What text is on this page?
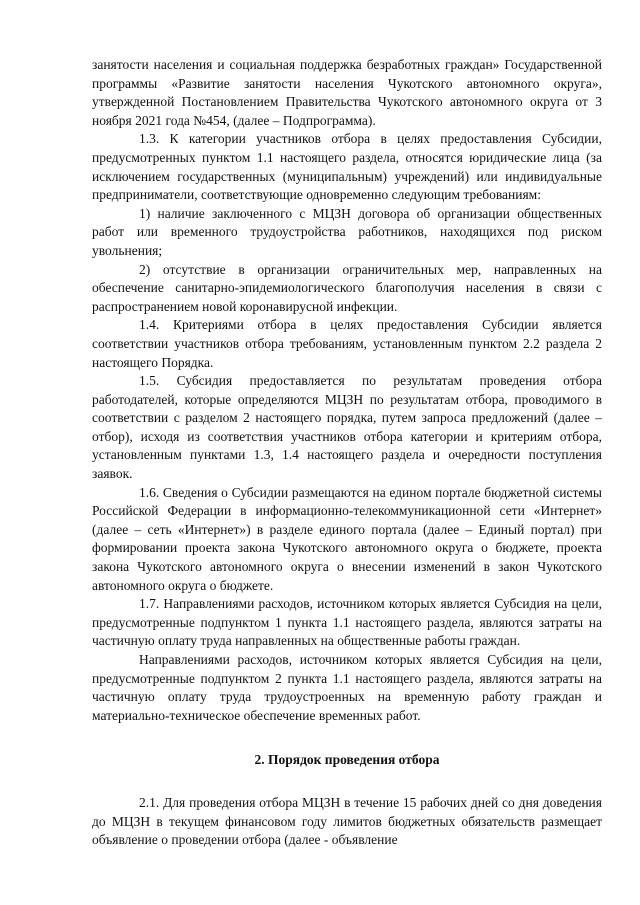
занятости населения и социальная поддержка безработных граждан» Государственной программы «Развитие занятости населения Чукотского автономного округа», утвержденной Постановлением Правительства Чукотского автономного округа от 3 ноября 2021 года №454, (далее – Подпрограмма).

1.3. К категории участников отбора в целях предоставления Субсидии, предусмотренных пунктом 1.1 настоящего раздела, относятся юридические лица (за исключением государственных (муниципальным) учреждений) или индивидуальные предприниматели, соответствующие одновременно следующим требованиям:

1) наличие заключенного с МЦЗН договора об организации общественных работ или временного трудоустройства работников, находящихся под риском увольнения;

2) отсутствие в организации ограничительных мер, направленных на обеспечение санитарно-эпидемиологического благополучия населения в связи с распространением новой коронавирусной инфекции.

1.4. Критериями отбора в целях предоставления Субсидии является соответствии участников отбора требованиям, установленным пунктом 2.2 раздела 2 настоящего Порядка.

1.5. Субсидия предоставляется по результатам проведения отбора работодателей, которые определяются МЦЗН по результатам отбора, проводимого в соответствии с разделом 2 настоящего порядка, путем запроса предложений (далее – отбор), исходя из соответствия участников отбора категории и критериям отбора, установленным пунктами 1.3, 1.4 настоящего раздела и очередности поступления заявок.

1.6. Сведения о Субсидии размещаются на едином портале бюджетной системы Российской Федерации в информационно-телекоммуникационной сети «Интернет» (далее – сеть «Интернет») в разделе единого портала (далее – Единый портал) при формировании проекта закона Чукотского автономного округа о бюджете, проекта закона Чукотского автономного округа о внесении изменений в закон Чукотского автономного округа о бюджете.

1.7. Направлениями расходов, источником которых является Субсидия на цели, предусмотренные подпунктом 1 пункта 1.1 настоящего раздела, являются затраты на частичную оплату труда направленных на общественные работы граждан.

Направлениями расходов, источником которых является Субсидия на цели, предусмотренные подпунктом 2 пункта 1.1 настоящего раздела, являются затраты на частичную оплату труда трудоустроенных на временную работу граждан и материально-техническое обеспечение временных работ.

2. Порядок проведения отбора

2.1. Для проведения отбора МЦЗН в течение 15 рабочих дней со дня доведения до МЦЗН в текущем финансовом году лимитов бюджетных обязательств размещает объявление о проведении отбора (далее - объявление
